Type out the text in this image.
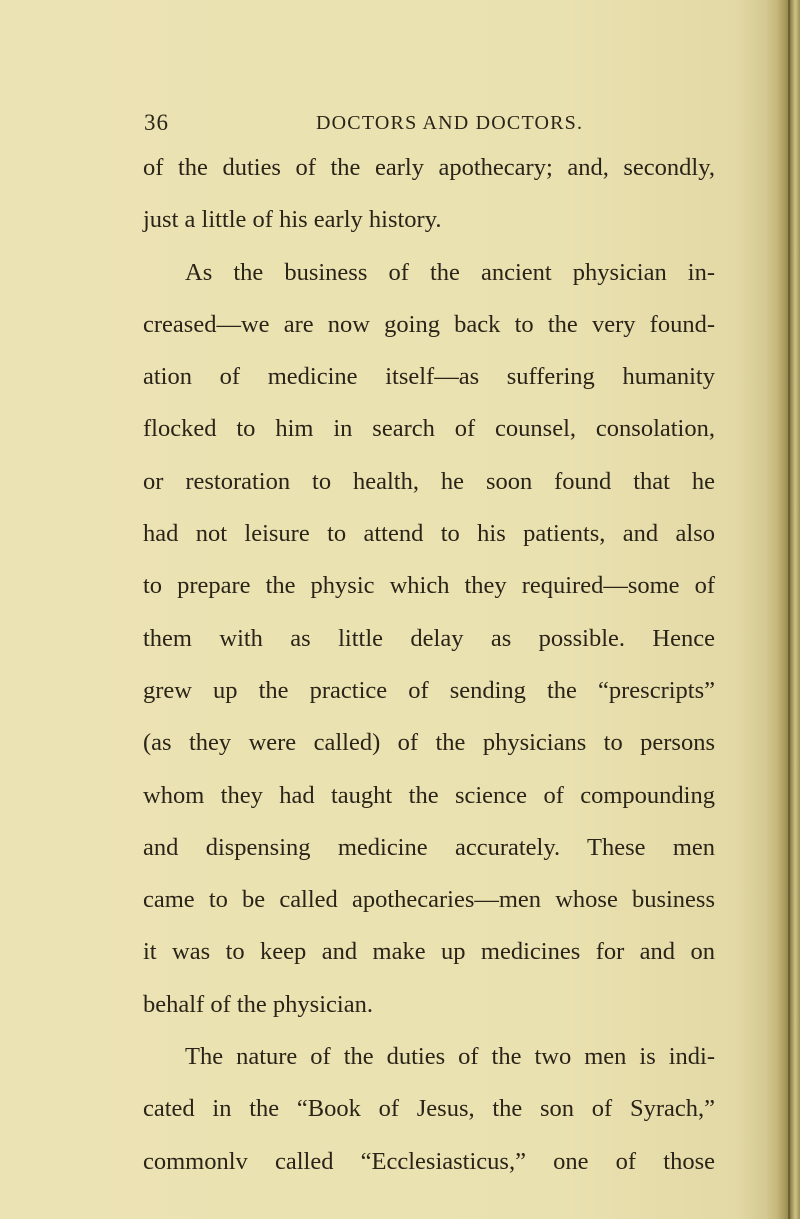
36	DOCTORS AND DOCTORS.
of the duties of the early apothecary; and, secondly,
just a little of his early history.
As the business of the ancient physician in-
creased—we are now going back to the very found-
ation of medicine itself—as suffering humanity
flocked to him in search of counsel, consolation,
or restoration to health, he soon found that he
had not leisure to attend to his patients, and also
to prepare the physic which they required—some of
them with as little delay as possible. Hence
grew up the practice of sending the “prescripts”
(as they were called) of the physicians to persons
whom they had taught the science of compounding
and dispensing medicine accurately. These men
came to be called apothecaries—men whose business
it was to keep and make up medicines for and on
behalf of the physician.
The nature of the duties of the two men is indi-
cated in the “Book of Jesus, the son of Syrach,”
commonlv called “Ecclesiasticus,” one of those
